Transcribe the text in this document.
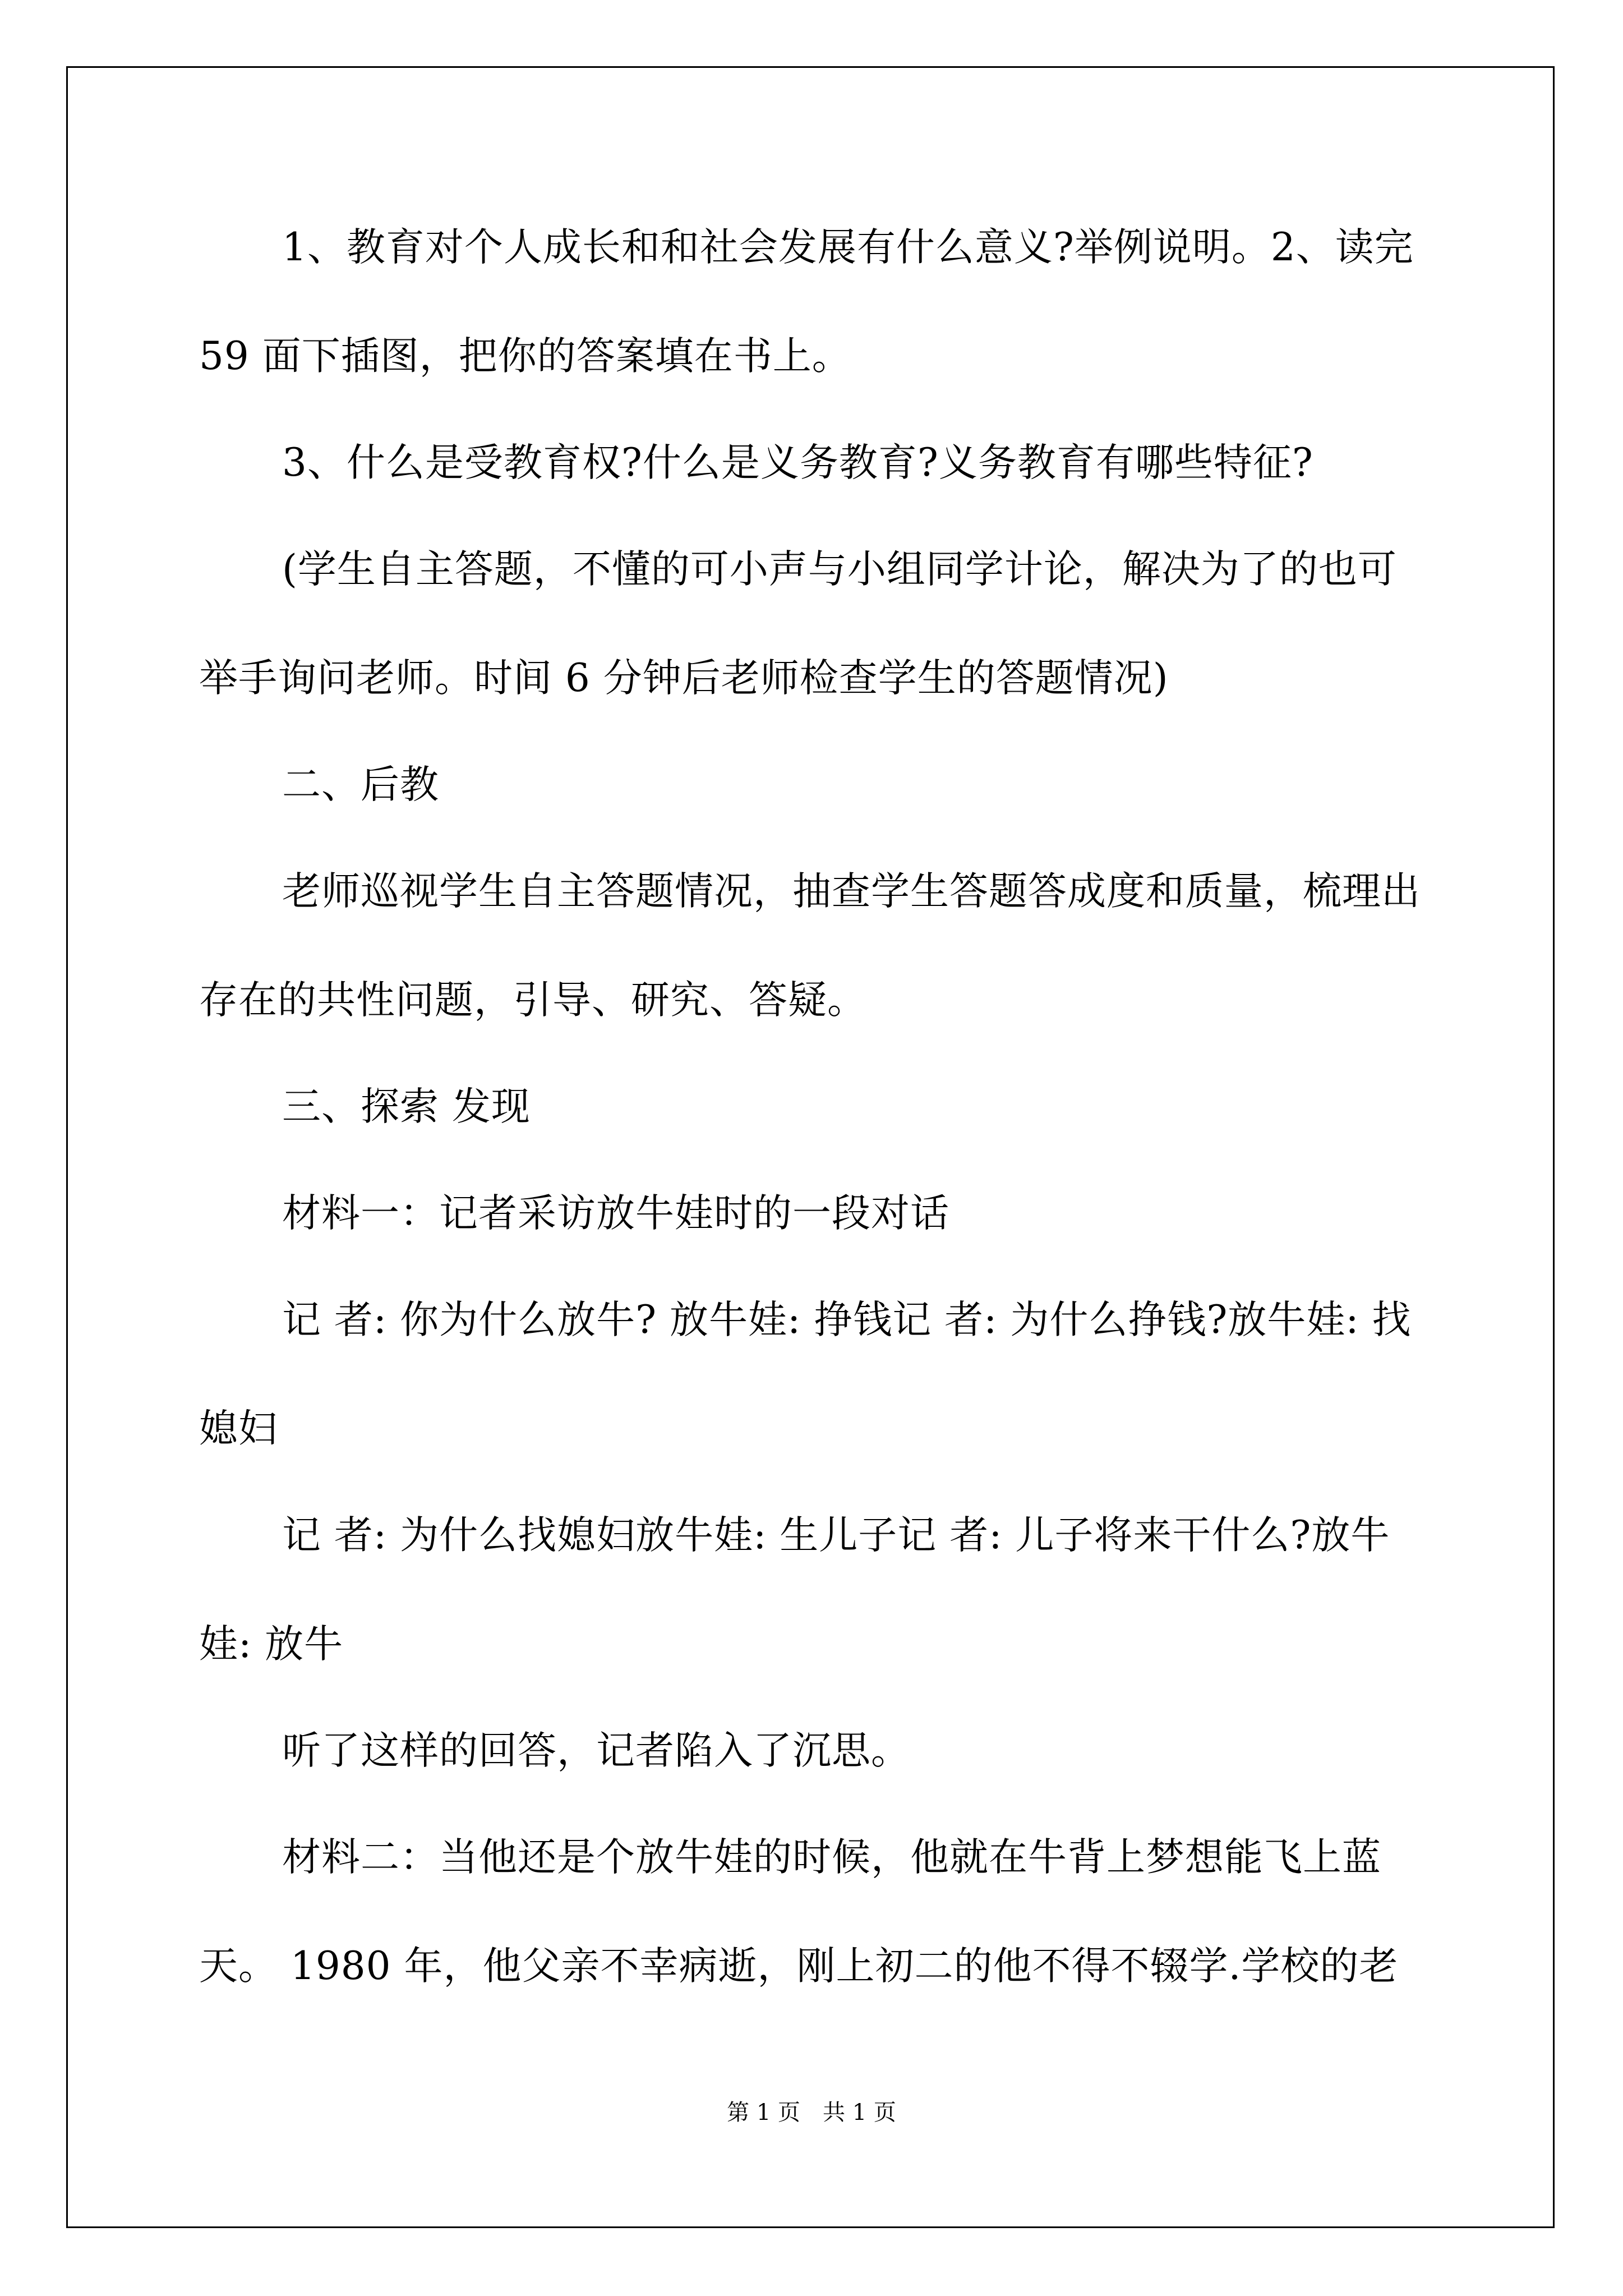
1、教育对个人成长和和社会发展有什么意义?举例说明。2、读完59 面下插图，把你的答案填在书上。

3、什么是受教育权?什么是义务教育?义务教育有哪些特征?

(学生自主答题，不懂的可小声与小组同学计论，解决为了的也可举手询问老师。时间 6 分钟后老师检查学生的答题情况)

二、后教

老师巡视学生自主答题情况，抽查学生答题答成度和质量，梳理出存在的共性问题，引导、研究、答疑。

三、探索 发现

材料一：记者采访放牛娃时的一段对话

记 者: 你为什么放牛? 放牛娃: 挣钱记 者: 为什么挣钱?放牛娃: 找媳妇

记 者: 为什么找媳妇放牛娃: 生儿子记 者: 儿子将来干什么?放牛娃: 放牛

听了这样的回答，记者陷入了沉思。

材料二：当他还是个放牛娃的时候，他就在牛背上梦想能飞上蓝天。 1980 年，他父亲不幸病逝，刚上初二的他不得不辍学.学校的老

第 1 页　共 1 页
